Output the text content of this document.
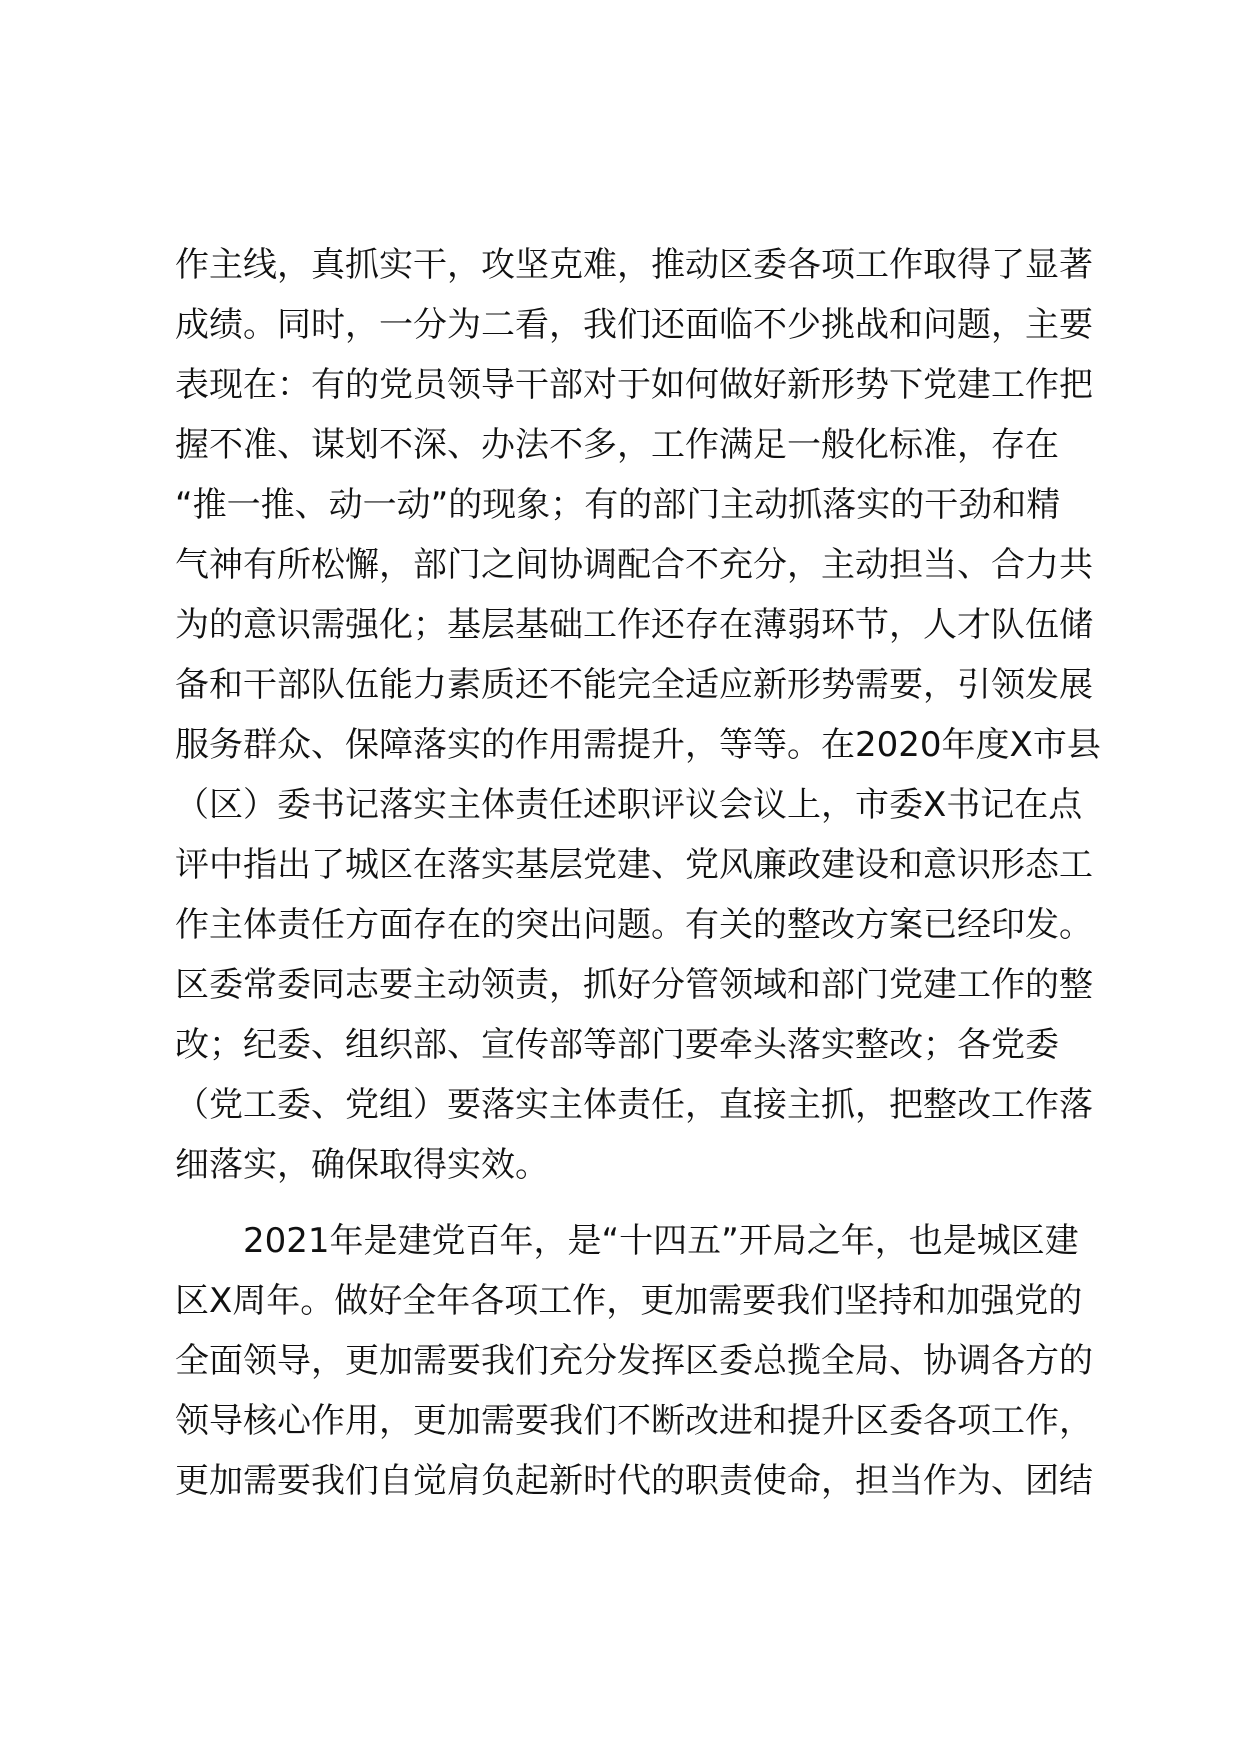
作主线，真抓实干，攻坚克难，推动区委各项工作取得了显著
成绩。同时，一分为二看，我们还面临不少挑战和问题，主要
表现在：有的党员领导干部对于如何做好新形势下党建工作把
握不准、谋划不深、办法不多，工作满足一般化标准，存在
“推一推、动一动”的现象；有的部门主动抓落实的干劲和精
气神有所松懈，部门之间协调配合不充分，主动担当、合力共
为的意识需强化；基层基础工作还存在薄弱环节，人才队伍储
备和干部队伍能力素质还不能完全适应新形势需要，引领发展
服务群众、保障落实的作用需提升，等等。在2020年度X市县
（区）委书记落实主体责任述职评议会议上，市委X书记在点
评中指出了城区在落实基层党建、党风廉政建设和意识形态工
作主体责任方面存在的突出问题。有关的整改方案已经印发。
区委常委同志要主动领责，抓好分管领域和部门党建工作的整
改；纪委、组织部、宣传部等部门要牵头落实整改；各党委
（党工委、党组）要落实主体责任，直接主抓，把整改工作落
细落实，确保取得实效。
　　2021年是建党百年，是“十四五”开局之年，也是城区建
区X周年。做好全年各项工作，更加需要我们坚持和加强党的
全面领导，更加需要我们充分发挥区委总揽全局、协调各方的
领导核心作用，更加需要我们不断改进和提升区委各项工作，
更加需要我们自觉肩负起新时代的职责使命，担当作为、团结
